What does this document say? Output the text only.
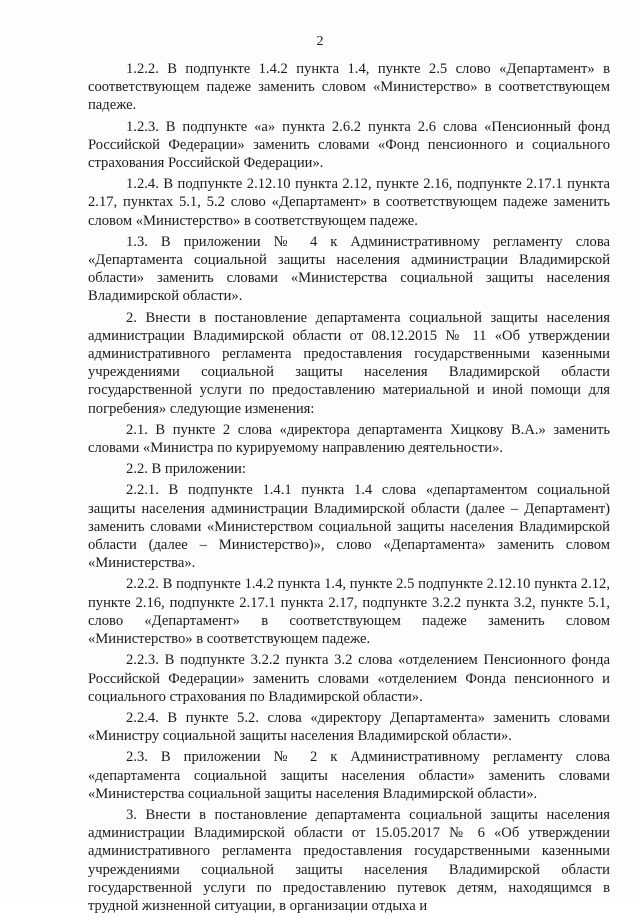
2

1.2.2. В подпункте 1.4.2 пункта 1.4, пункте 2.5 слово «Департамент» в соответствующем падеже заменить словом «Министерство» в соответствующем падеже.

1.2.3. В подпункте «а» пункта 2.6.2 пункта 2.6 слова «Пенсионный фонд Российской Федерации» заменить словами «Фонд пенсионного и социального страхования Российской Федерации».

1.2.4. В подпункте 2.12.10 пункта 2.12, пункте 2.16, подпункте 2.17.1 пункта 2.17, пунктах 5.1, 5.2 слово «Департамент» в соответствующем падеже заменить словом «Министерство» в соответствующем падеже.

1.3. В приложении № 4 к Административному регламенту слова «Департамента социальной защиты населения администрации Владимирской области» заменить словами «Министерства социальной защиты населения Владимирской области».

2. Внести в постановление департамента социальной защиты населения администрации Владимирской области от 08.12.2015 № 11 «Об утверждении административного регламента предоставления государственными казенными учреждениями социальной защиты населения Владимирской области государственной услуги по предоставлению материальной и иной помощи для погребения» следующие изменения:

2.1. В пункте 2 слова «директора департамента Хицкову В.А.» заменить словами «Министра по курируемому направлению деятельности».

2.2. В приложении:

2.2.1. В подпункте 1.4.1 пункта 1.4 слова «департаментом социальной защиты населения администрации Владимирской области (далее – Департамент) заменить словами «Министерством социальной защиты населения Владимирской области (далее – Министерство)», слово «Департамента» заменить словом «Министерства».

2.2.2. В подпункте 1.4.2 пункта 1.4, пункте 2.5 подпункте 2.12.10 пункта 2.12, пункте 2.16, подпункте 2.17.1 пункта 2.17, подпункте 3.2.2 пункта 3.2, пункте 5.1, слово «Департамент» в соответствующем падеже заменить словом «Министерство» в соответствующем падеже.

2.2.3. В подпункте 3.2.2 пункта 3.2 слова «отделением Пенсионного фонда Российской Федерации» заменить словами «отделением Фонда пенсионного и социального страхования по Владимирской области».

2.2.4. В пункте 5.2. слова «директору Департамента» заменить словами «Министру социальной защиты населения Владимирской области».

2.3. В приложении № 2 к Административному регламенту слова «департамента социальной защиты населения области» заменить словами «Министерства социальной защиты населения Владимирской области».

3. Внести в постановление департамента социальной защиты населения администрации Владимирской области от 15.05.2017 № 6 «Об утверждении административного регламента предоставления государственными казенными учреждениями социальной защиты населения Владимирской области государственной услуги по предоставлению путевок детям, находящимся в трудной жизненной ситуации, в организации отдыха и
